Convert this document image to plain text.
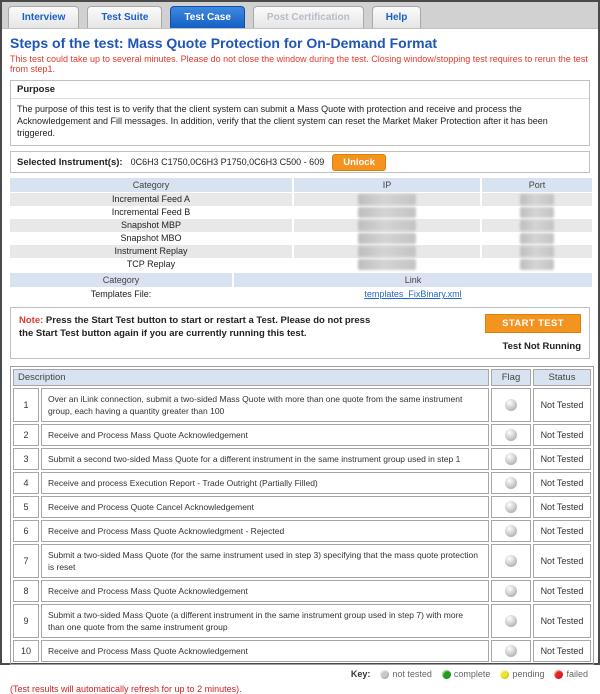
Interview	Test Suite	Test Case	Post Certification	Help
Steps of the test: Mass Quote Protection for On-Demand Format
This test could take up to several minutes. Please do not close the window during the test. Closing window/stopping test requires to rerun the test from step1.
Purpose
The purpose of this test is to verify that the client system can submit a Mass Quote with protection and receive and process the Acknowledgement and Fill messages. In addition, verify that the client system can reset the Market Maker Protection after it has been triggered.
Selected Instrument(s): 0C6H3 C1750,0C6H3 P1750,0C6H3 C500 - 609	Unlock
Category	IP	Port
Incremental Feed A
Incremental Feed B
Snapshot MBP
Snapshot MBO
Instrument Replay
TCP Replay
Category	Link
Templates File:	templates_FixBinary.xml
Note: Press the Start Test button to start or restart a Test. Please do not press the Start Test button again if you are currently running this test.
START TEST
Test Not Running
Description		Flag	Status
1	Over an iLink connection, submit a two-sided Mass Quote with more than one quote from the same instrument group, each having a quantity greater than 100		Not Tested
2	Receive and Process Mass Quote Acknowledgement		Not Tested
3	Submit a second two-sided Mass Quote for a different instrument in the same instrument group used in step 1		Not Tested
4	Receive and process Execution Report - Trade Outright (Partially Filled)		Not Tested
5	Receive and Process Quote Cancel Acknowledgement		Not Tested
6	Receive and Process Mass Quote Acknowledgment - Rejected		Not Tested
7	Submit a two-sided Mass Quote (for the same instrument used in step 3) specifying that the mass quote protection is reset		Not Tested
8	Receive and Process Mass Quote Acknowledgement		Not Tested
9	Submit a two-sided Mass Quote (a different instrument in the same instrument group used in step 7) with more than one quote from the same instrument group		Not Tested
10	Receive and Process Mass Quote Acknowledgement		Not Tested
Key: not tested complete pending failed
(Test results will automatically refresh for up to 2 minutes).
